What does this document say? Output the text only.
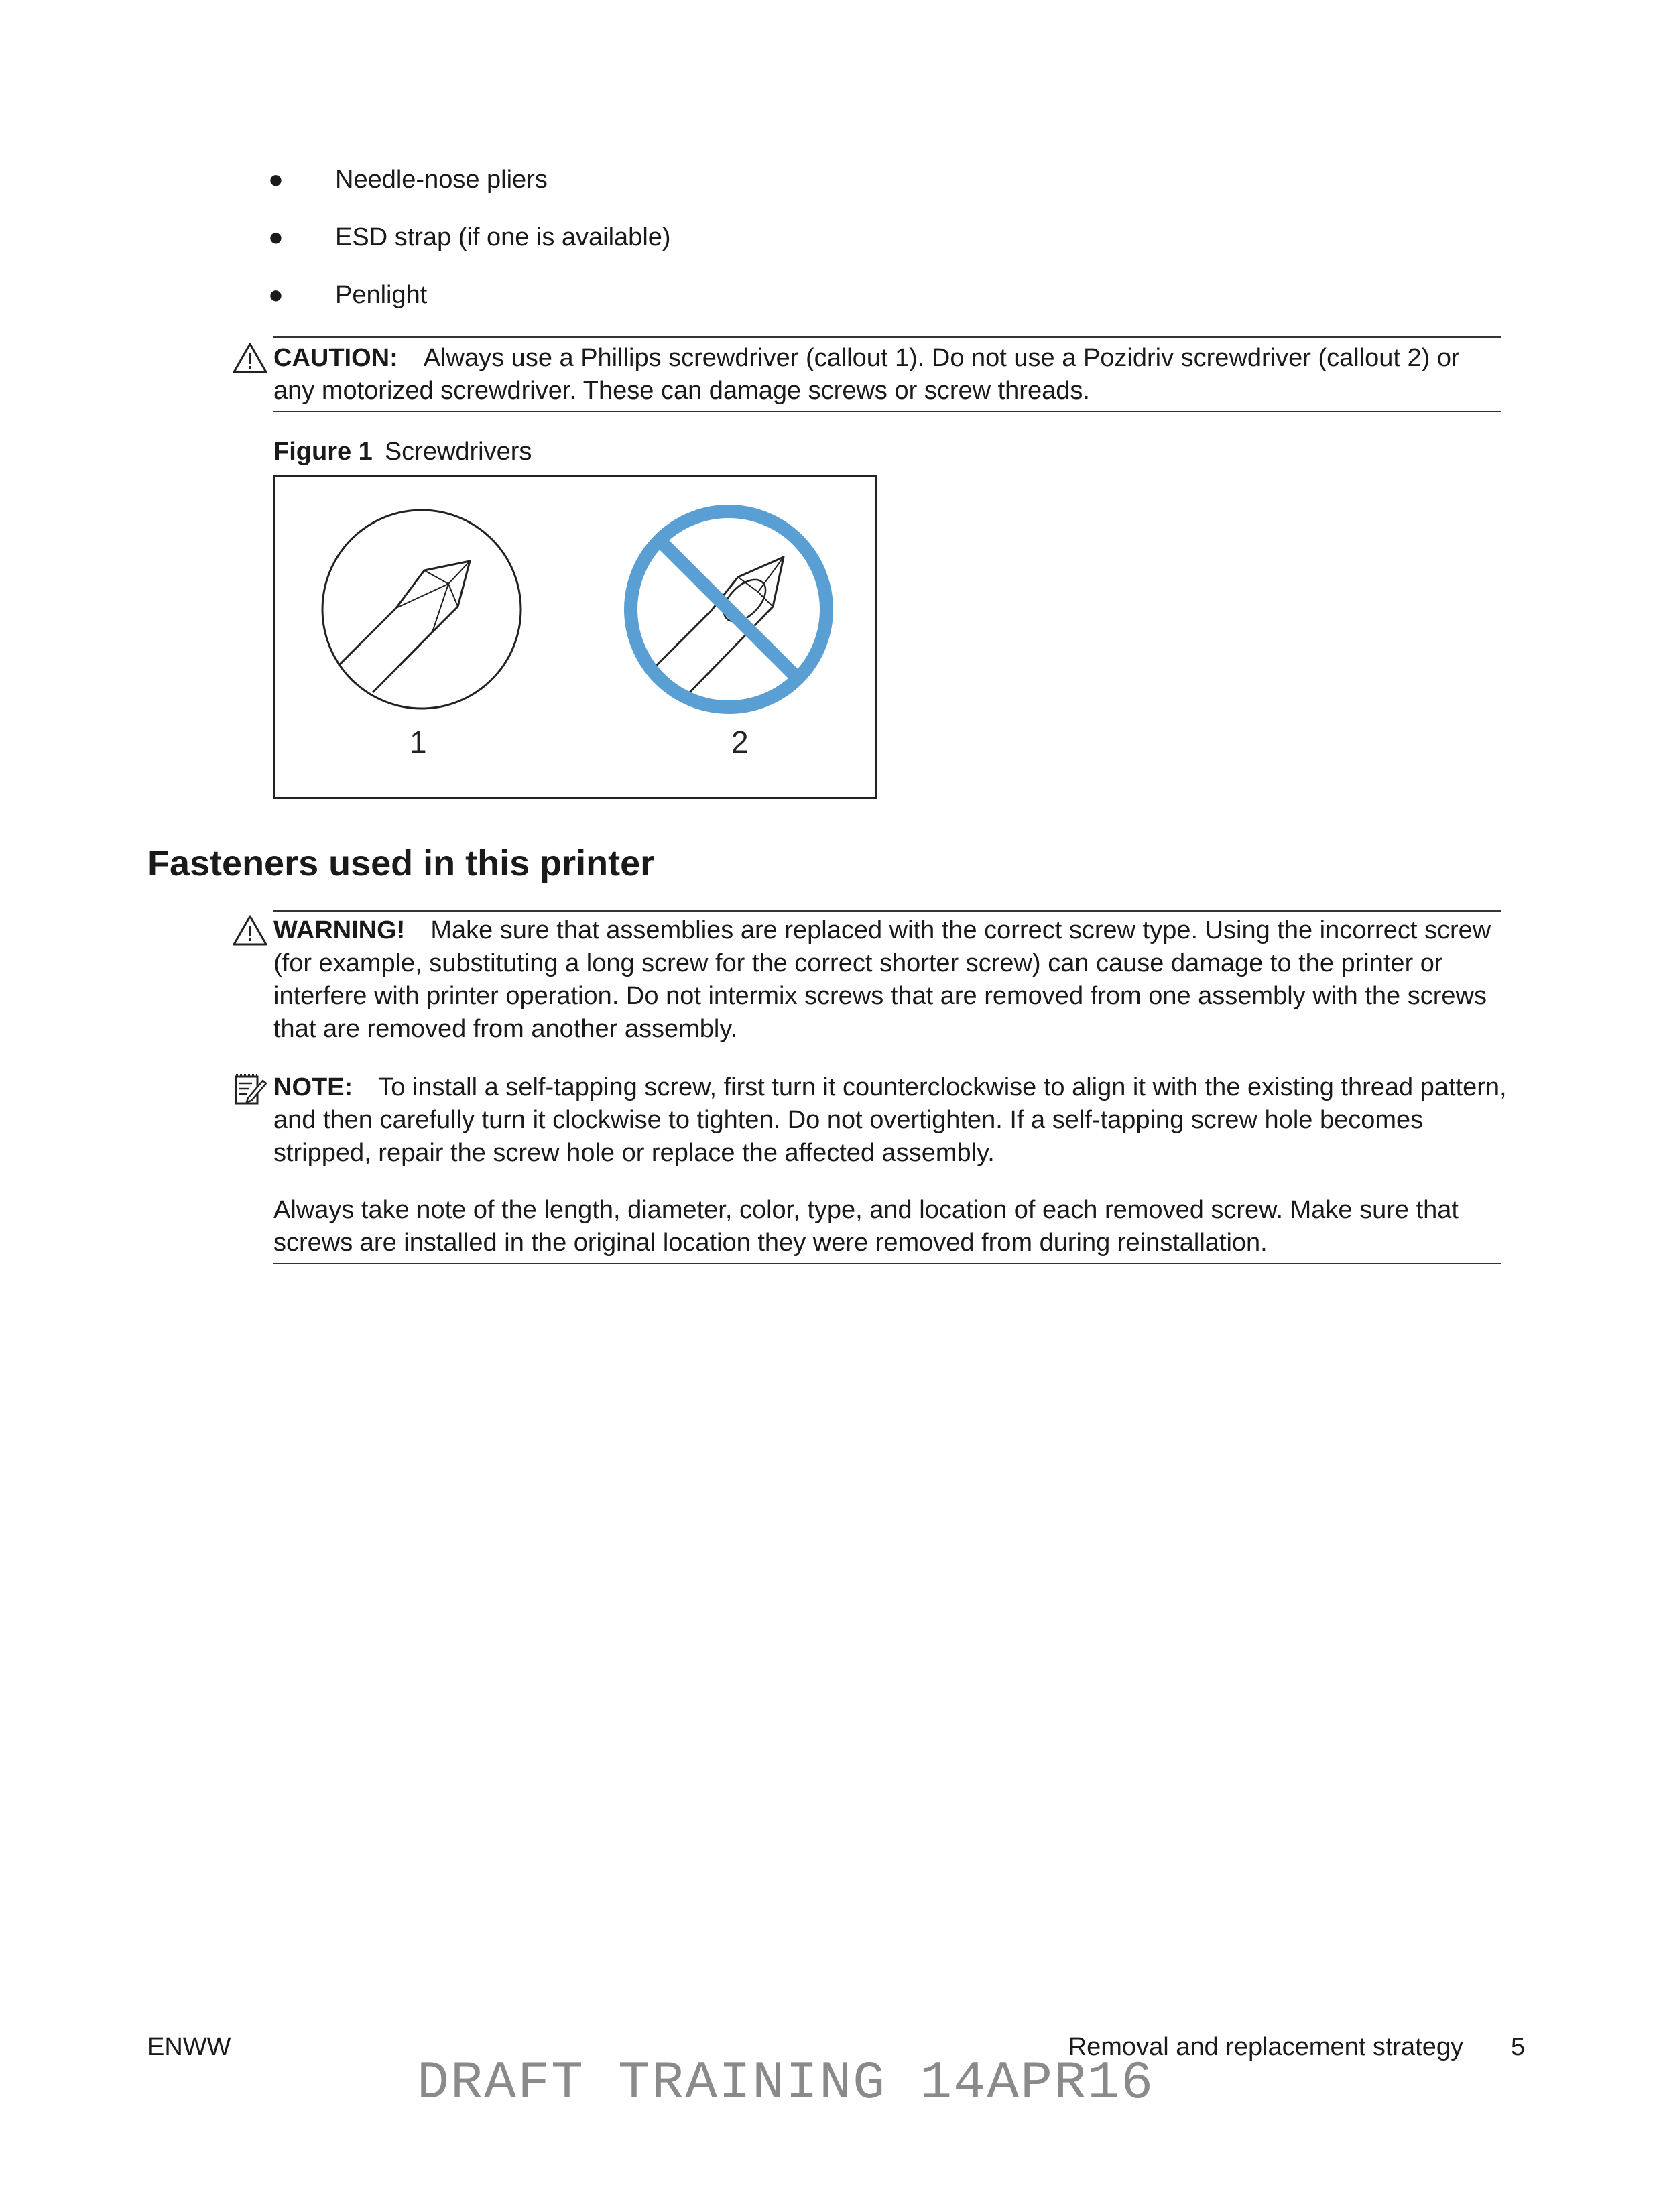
● Needle-nose pliers
● ESD strap (if one is available)
● Penlight
CAUTION: Always use a Phillips screwdriver (callout 1). Do not use a Pozidriv screwdriver (callout 2) or any motorized screwdriver. These can damage screws or screw threads.
Figure 1 Screwdrivers
1	2
Fasteners used in this printer
WARNING! Make sure that assemblies are replaced with the correct screw type. Using the incorrect screw (for example, substituting a long screw for the correct shorter screw) can cause damage to the printer or interfere with printer operation. Do not intermix screws that are removed from one assembly with the screws that are removed from another assembly.
NOTE: To install a self-tapping screw, first turn it counterclockwise to align it with the existing thread pattern, and then carefully turn it clockwise to tighten. Do not overtighten. If a self-tapping screw hole becomes stripped, repair the screw hole or replace the affected assembly.
Always take note of the length, diameter, color, type, and location of each removed screw. Make sure that screws are installed in the original location they were removed from during reinstallation.
ENWW	Removal and replacement strategy 5
DRAFT TRAINING 14APR16
